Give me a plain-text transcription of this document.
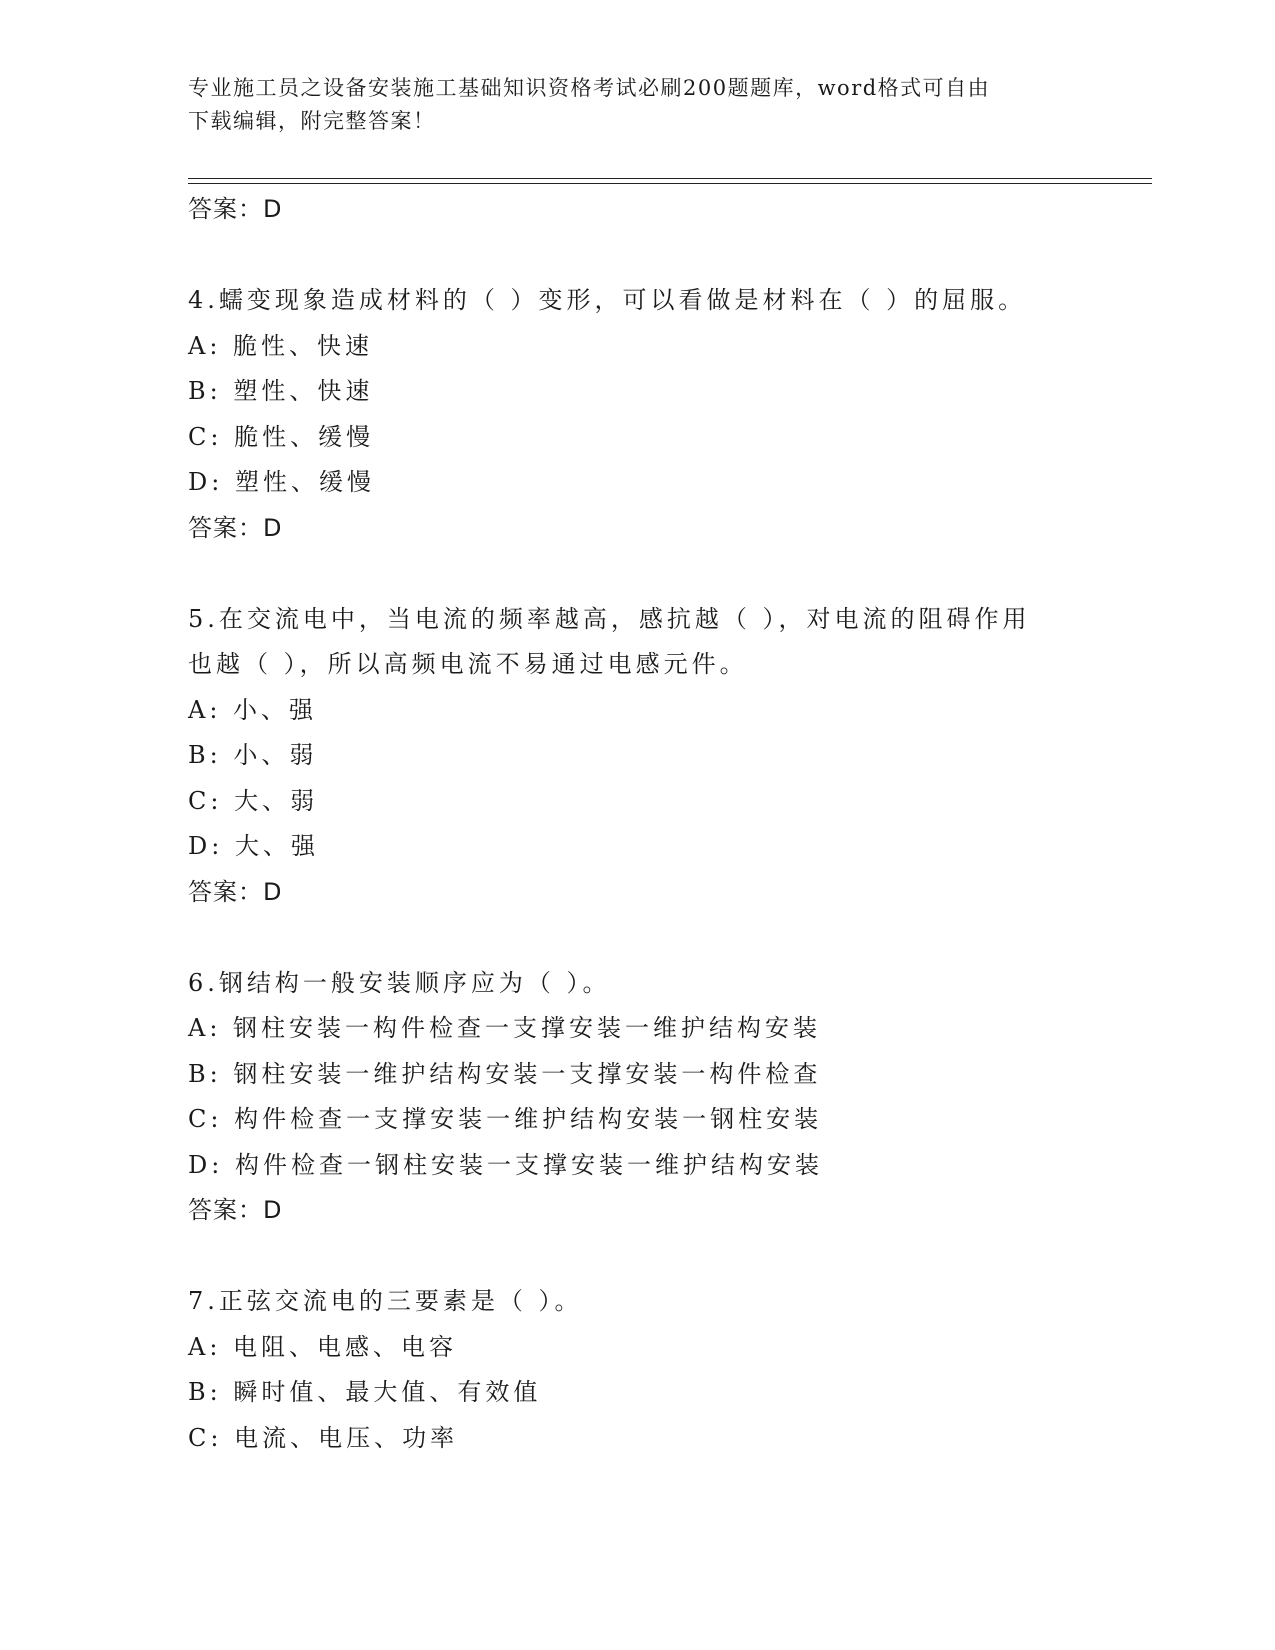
专业施工员之设备安装施工基础知识资格考试必刷200题题库，word格式可自由
下载编辑，附完整答案！
答案：D
4.蠕变现象造成材料的（ ）变形，可以看做是材料在（ ）的屈服。
A: 脆性、快速
B: 塑性、快速
C: 脆性、缓慢
D: 塑性、缓慢
答案：D
5.在交流电中，当电流的频率越高，感抗越（ ），对电流的阻碍作用
也越（ ），所以高频电流不易通过电感元件。
A: 小、强
B: 小、弱
C: 大、弱
D: 大、强
答案：D
6.钢结构一般安装顺序应为（ ）。
A: 钢柱安装一构件检查一支撑安装一维护结构安装
B: 钢柱安装一维护结构安装一支撑安装一构件检查
C: 构件检查一支撑安装一维护结构安装一钢柱安装
D: 构件检查一钢柱安装一支撑安装一维护结构安装
答案：D
7.正弦交流电的三要素是（ ）。
A: 电阻、电感、电容
B: 瞬时值、最大值、有效值
C: 电流、电压、功率
